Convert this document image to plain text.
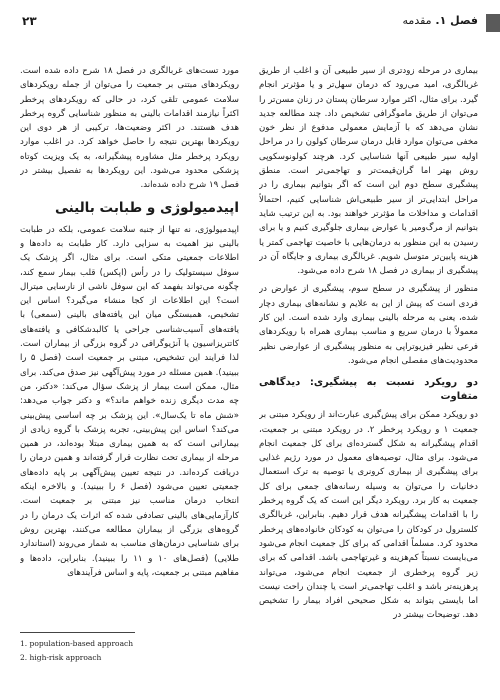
۲۳	فصل ۱. مقدمه

بیماری در مرحله زودتری از سیر طبیعی آن و اغلب از طریق غربالگری، امید می‌رود که درمان سهل‌تر و یا مؤثرتر انجام گیرد. برای مثال، اکثر موارد سرطان پستان در زنان مسن‌تر را می‌توان از طریق ماموگرافی تشخیص داد. چند مطالعه جدید نشان می‌دهد که با آزمایش معمولی مدفوع از نظر خون مخفی می‌توان موارد قابل درمان سرطان کولون را در مراحل اولیه سیر طبیعی آنها شناسایی کرد. هرچند کولونوسکوپی روش بهتر اما گران‌قیمت‌تر و تهاجمی‌تر است. منطق پیشگیری سطح دوم این است که اگر بتوانیم بیماری را در مراحل ابتدایی‌تر از سیر طبیعی‌اش شناسایی کنیم، احتمالاً اقدامات و مداخلات ما مؤثرتر خواهند بود. به این ترتیب شاید بتوانیم از مرگ‌ومیر یا عوارض بیماری جلوگیری کنیم و یا برای رسیدن به این منظور به درمان‌هایی با خاصیت تهاجمی کمتر یا هزینه پایین‌تر متوسل شویم. غربالگری بیماری و جایگاه آن در پیشگیری از بیماری در فصل ۱۸ شرح داده می‌شود.

منظور از پیشگیری در سطح سوم، پیشگیری از عوارض در فردی است که پیش از این به علایم و نشانه‌های بیماری دچار شده، یعنی به مرحله بالینی بیماری وارد شده است. این کار معمولاً با درمان سریع و مناسب بیماری همراه با رویکردهای فرعی نظیر فیزیوتراپی به منظور پیشگیری از عوارضی نظیر محدودیت‌های مفصلی انجام می‌شود.

دو رویکرد نسبت به پیشگیری: دیدگاهی متفاوت

دو رویکرد ممکن برای پیش‌گیری عبارت‌اند از رویکرد مبتنی بر جمعیت ۱ و رویکرد پرخطر ۲. در رویکرد مبتنی بر جمعیت، اقدام پیشگیرانه به شکل گسترده‌ای برای کل جمعیت انجام می‌شود. برای مثال، توصیه‌های معمول در مورد رژیم غذایی برای پیشگیری از بیماری کرونری یا توصیه به ترک استعمال دخانیات را می‌توان به وسیله رسانه‌های جمعی برای کل جمعیت به کار برد. رویکرد دیگر این است که یک گروه پرخطر را با اقدامات پیشگیرانه هدف قرار دهیم. بنابراین، غربالگری کلسترول در کودکان را می‌توان به کودکان خانواده‌های پرخطر محدود کرد. مسلماً اقدامی که برای کل جمعیت انجام می‌شود می‌بایست نسبتاً کم‌هزینه و غیرتهاجمی باشد. اقدامی که برای زیر گروه پرخطری از جمعیت انجام می‌شود، می‌تواند پرهزینه‌تر باشد و اغلب تهاجمی‌تر است یا چندان راحت نیست اما بایستی بتواند به شکل صحیحی افراد بیمار را تشخیص دهد. توضیحات بیشتر در

مورد تست‌های غربالگری در فصل ۱۸ شرح داده شده است. رویکردهای مبتنی بر جمعیت را می‌توان از جمله رویکردهای سلامت عمومی تلقی کرد، در حالی که رویکردهای پرخطر اکثراً نیازمند اقدامات بالینی به منظور شناسایی گروه پرخطر هدف هستند. در اکثر وضعیت‌ها، ترکیبی از هر دوی این رویکردها بهترین نتیجه را حاصل خواهد کرد. در اغلب موارد رویکرد پرخطر مثل مشاوره پیشگیرانه، به یک ویزیت کوتاه پزشکی محدود می‌شود. این رویکردها به تفصیل بیشتر در فصل ۱۹ شرح داده شده‌اند.

اپیدمیولوژی و طبابت بالینی

اپیدمیولوژی، نه تنها از جنبه سلامت عمومی، بلکه در طبابت بالینی نیز اهمیت به سزایی دارد. کار طبابت به داده‌ها و اطلاعات جمعیتی متکی است. برای مثال، اگر پزشک یک سوفل سیستولیک را در رأس (اپکس) قلب بیمار سمع کند، چگونه می‌تواند بفهمد که این سوفل ناشی از نارسایی میترال است؟ این اطلاعات از کجا منشاء می‌گیرد؟ اساس این تشخیص، همبستگی میان این یافته‌های بالینی (سمعی) با یافته‌های آسیب‌شناسی جراحی یا کالبدشکافی و یافته‌های کاتتریزاسیون یا آنژیوگرافی در گروه بزرگی از بیماران است. لذا فرایند این تشخیص، مبتنی بر جمعیت است (فصل ۵ را ببینید). همین مسئله در مورد پیش‌آگهی نیز صدق می‌کند. برای مثال، ممکن است بیمار از پزشک سؤال می‌کند: «دکتر، من چه مدت دیگری زنده خواهم ماند؟» و دکتر جواب می‌دهد: «شش ماه تا یک‌سال». این پزشک بر چه اساسی پیش‌بینی می‌کند؟ اساس این پیش‌بینی، تجربه پزشک با گروه زیادی از بیمارانی است که به همین بیماری مبتلا بوده‌اند، در همین مرحله از بیماری تحت نظارت قرار گرفته‌اند و همین درمان را دریافت کرده‌اند. در نتیجه تعیین پیش‌آگهی بر پایه داده‌های جمعیتی تعیین می‌شود (فصل ۶ را ببینید). و بالاخره اینکه انتخاب درمان مناسب نیز مبتنی بر جمعیت است. کارآزمایی‌های بالینی تصادفی شده که اثرات یک درمان را در گروه‌های بزرگی از بیماران مطالعه می‌کنند، بهترین روش برای شناسایی درمان‌های مناسب به شمار می‌روند (استاندارد طلایی) (فصل‌های ۱۰ و ۱۱ را ببینید). بنابراین، داده‌ها و مفاهیم مبتنی بر جمعیت، پایه و اساس فرآیندهای

1. population-based approach
2. high-risk approach
